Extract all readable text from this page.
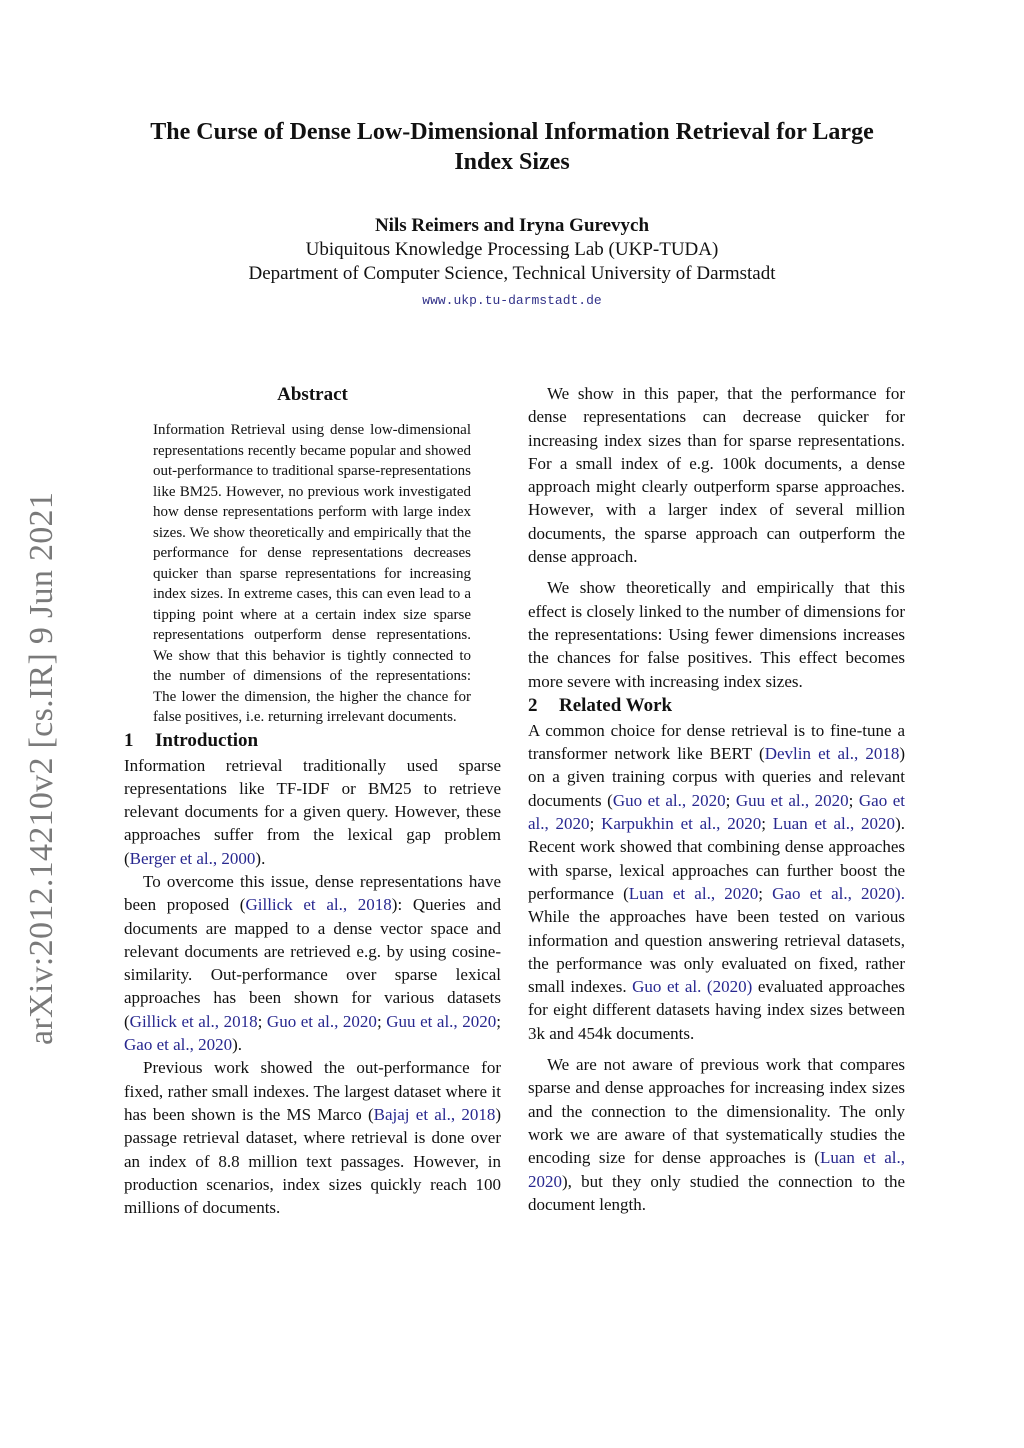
arXiv:2012.14210v2 [cs.IR] 9 Jun 2021
The Curse of Dense Low-Dimensional Information Retrieval for Large Index Sizes
Nils Reimers and Iryna Gurevych
Ubiquitous Knowledge Processing Lab (UKP-TUDA)
Department of Computer Science, Technical University of Darmstadt
www.ukp.tu-darmstadt.de
Abstract

Information Retrieval using dense low-dimensional representations recently became popular and showed out-performance to traditional sparse-representations like BM25. However, no previous work investigated how dense representations perform with large index sizes. We show theoretically and empirically that the performance for dense representations decreases quicker than sparse representations for increasing index sizes. In extreme cases, this can even lead to a tipping point where at a certain index size sparse representations outperform dense representations. We show that this behavior is tightly connected to the number of dimensions of the representations: The lower the dimension, the higher the chance for false positives, i.e. returning irrelevant documents.

1 Introduction

Information retrieval traditionally used sparse representations like TF-IDF or BM25 to retrieve relevant documents for a given query. However, these approaches suffer from the lexical gap problem (Berger et al., 2000).

To overcome this issue, dense representations have been proposed (Gillick et al., 2018): Queries and documents are mapped to a dense vector space and relevant documents are retrieved e.g. by using cosine-similarity. Out-performance over sparse lexical approaches has been shown for various datasets (Gillick et al., 2018; Guo et al., 2020; Guu et al., 2020; Gao et al., 2020).

Previous work showed the out-performance for fixed, rather small indexes. The largest dataset where it has been shown is the MS Marco (Bajaj et al., 2018) passage retrieval dataset, where retrieval is done over an index of 8.8 million text passages. However, in production scenarios, index sizes quickly reach 100 millions of documents.

We show in this paper, that the performance for dense representations can decrease quicker for increasing index sizes than for sparse representations. For a small index of e.g. 100k documents, a dense approach might clearly outperform sparse approaches. However, with a larger index of several million documents, the sparse approach can outperform the dense approach.

We show theoretically and empirically that this effect is closely linked to the number of dimensions for the representations: Using fewer dimensions increases the chances for false positives. This effect becomes more severe with increasing index sizes.

2 Related Work

A common choice for dense retrieval is to fine-tune a transformer network like BERT (Devlin et al., 2018) on a given training corpus with queries and relevant documents (Guo et al., 2020; Guu et al., 2020; Gao et al., 2020; Karpukhin et al., 2020; Luan et al., 2020). Recent work showed that combining dense approaches with sparse, lexical approaches can further boost the performance (Luan et al., 2020; Gao et al., 2020). While the approaches have been tested on various information and question answering retrieval datasets, the performance was only evaluated on fixed, rather small indexes. Guo et al. (2020) evaluated approaches for eight different datasets having index sizes between 3k and 454k documents.

We are not aware of previous work that compares sparse and dense approaches for increasing index sizes and the connection to the dimensionality. The only work we are aware of that systematically studies the encoding size for dense approaches is (Luan et al., 2020), but they only studied the connection to the document length.
